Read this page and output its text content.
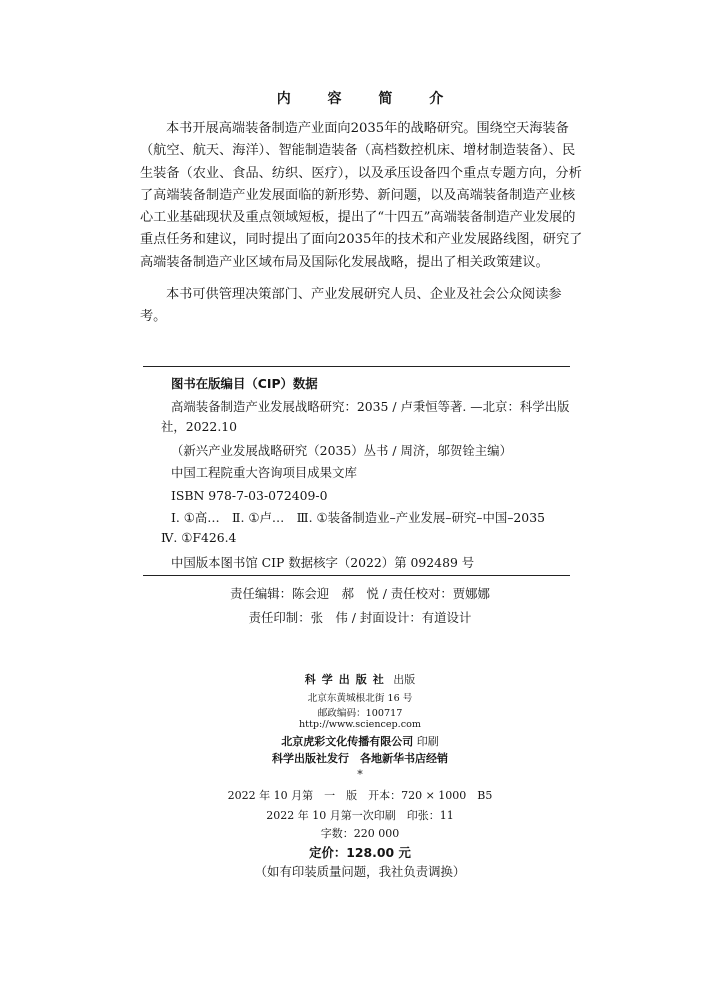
内 容 简 介

本书开展高端装备制造产业面向2035年的战略研究。围绕空天海装备（航空、航天、海洋）、智能制造装备（高档数控机床、增材制造装备）、民生装备（农业、食品、纺织、医疗），以及承压设备四个重点专题方向，分析了高端装备制造产业发展面临的新形势、新问题，以及高端装备制造产业核心工业基础现状及重点领域短板，提出了“十四五”高端装备制造产业发展的重点任务和建议，同时提出了面向2035年的技术和产业发展路线图，研究了高端装备制造产业区域布局及国际化发展战略，提出了相关政策建议。

本书可供管理决策部门、产业发展研究人员、企业及社会公众阅读参考。

图书在版编目（CIP）数据
高端装备制造产业发展战略研究：2035 / 卢秉恒等著. —北京：科学出版社，2022.10
（新兴产业发展战略研究（2035）丛书 / 周济，邬贺铨主编）
中国工程院重大咨询项目成果文库
ISBN 978-7-03-072409-0
Ⅰ. ①高…　Ⅱ. ①卢…　Ⅲ. ①装备制造业–产业发展–研究–中国–2035　Ⅳ. ①F426.4
中国版本图书馆 CIP 数据核字（2022）第 092489 号
责任编辑：陈会迎　郝　悦 / 责任校对：贾娜娜
责任印制：张　伟 / 封面设计：有道设计
科学出版社 出版
北京东黄城根北街 16 号
邮政编码：100717
http://www.sciencep.com
北京虎彩文化传播有限公司 印刷
科学出版社发行　各地新华书店经销
*
2022 年 10 月第　一　版　开本：720 × 1000　B5
2022 年 10 月第一次印刷　印张：11
字数：220 000
定价：128.00 元
（如有印装质量问题，我社负责调换）
